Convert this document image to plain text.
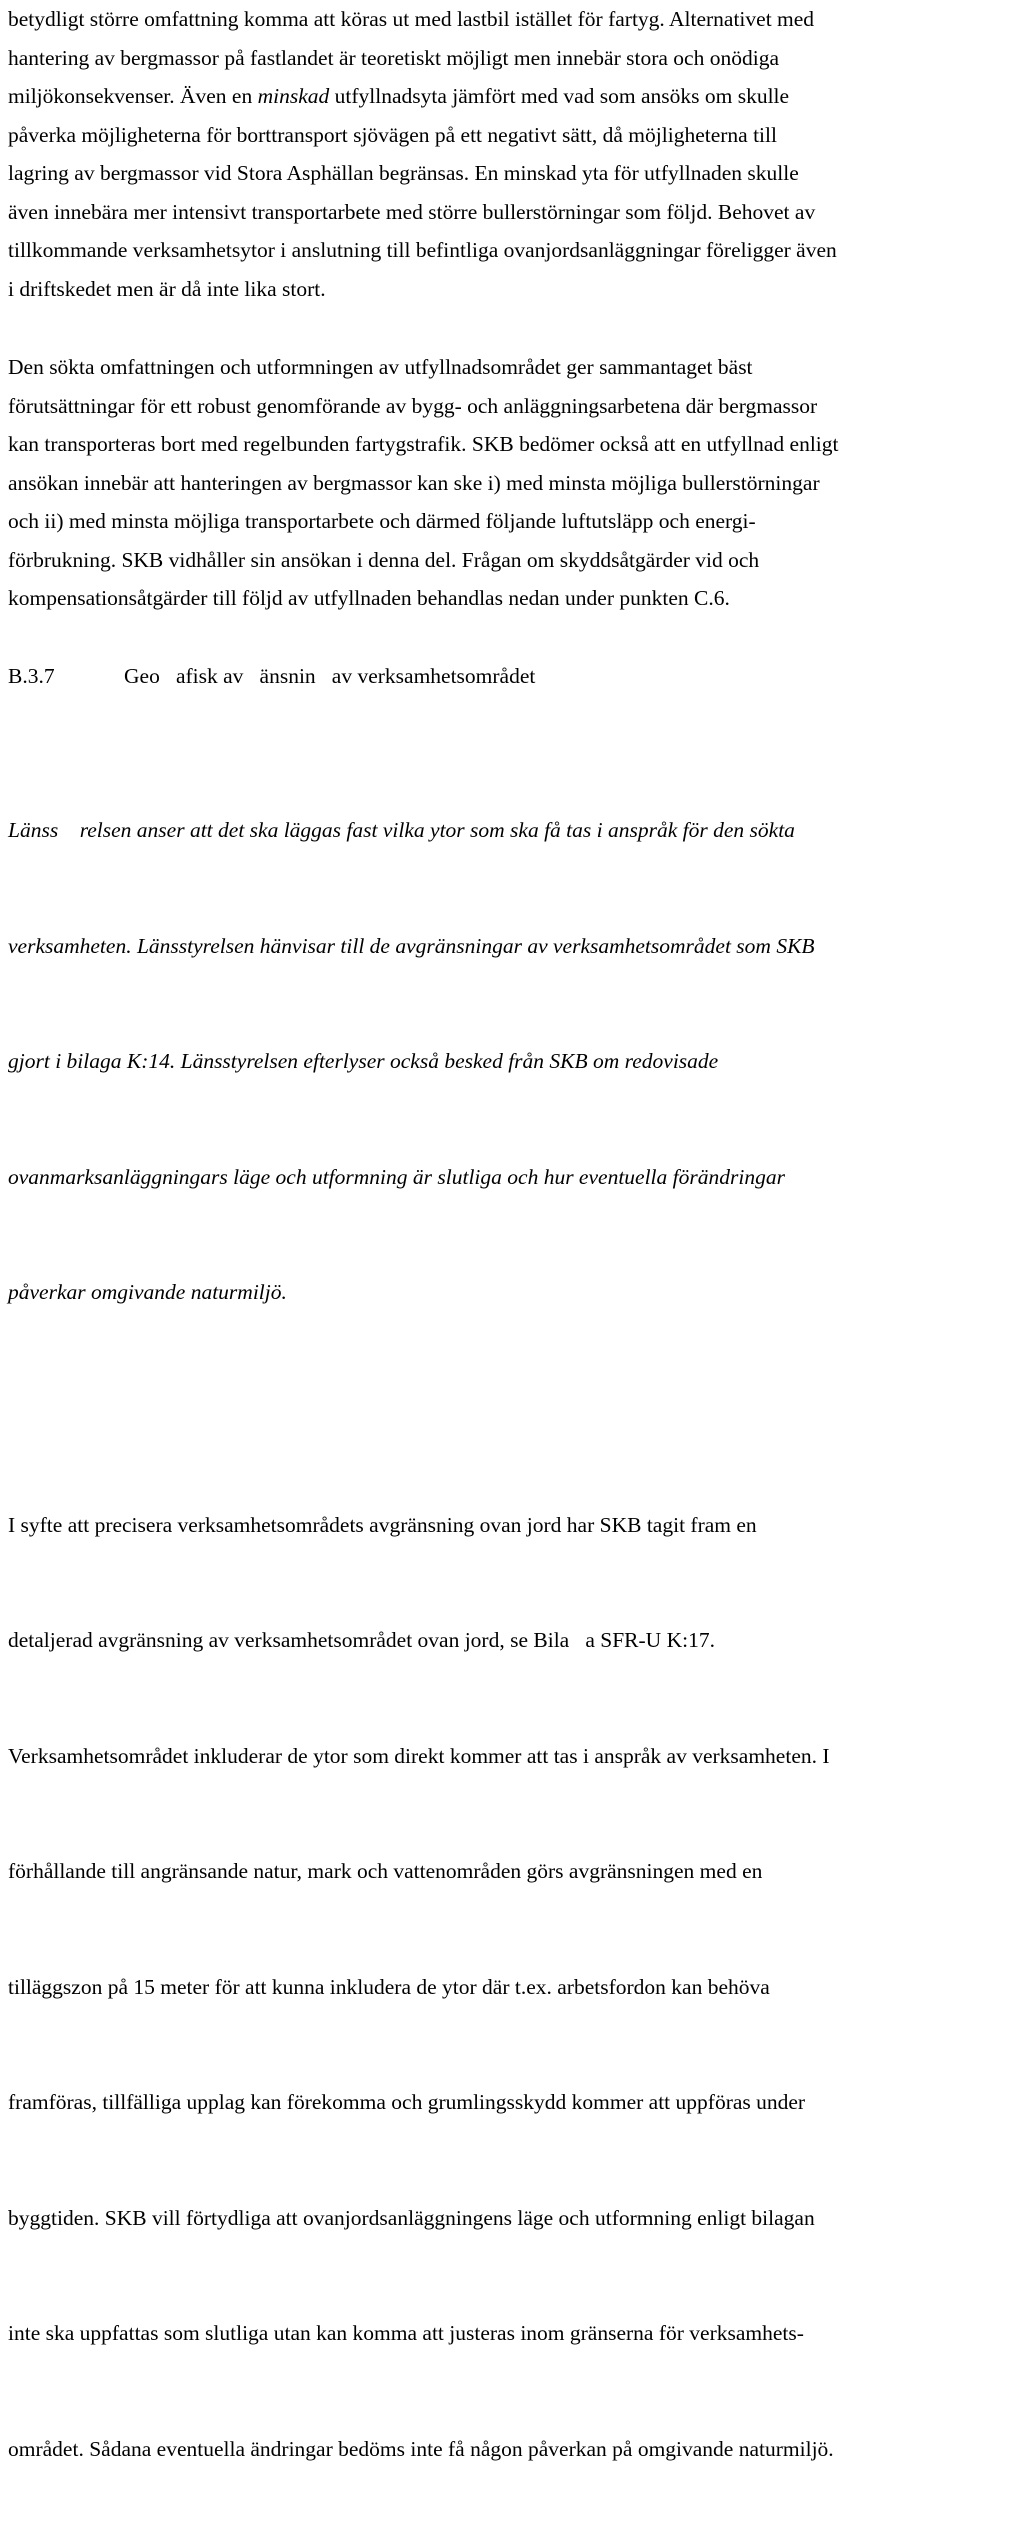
betydligt större omfattning komma att köras ut med lastbil istället för fartyg. Alternativet med
hantering av bergmassor på fastlandet är teoretiskt möjligt men innebär stora och onödiga
miljökonsekvenser. Även en minskad utfyllnadsyta jämfört med vad som ansöks om skulle
påverka möjligheterna för borttransport sjövägen på ett negativt sätt, då möjligheterna till
lagring av bergmassor vid Stora Asphällan begränsas. En minskad yta för utfyllnaden skulle
även innebära mer intensivt transportarbete med större bullerstörningar som följd. Behovet av
tillkommande verksamhetsytor i anslutning till befintliga ovanjordsanläggningar föreligger även
i driftskedet men är då inte lika stort.
Den sökta omfattningen och utformningen av utfyllnadsområdet ger sammantaget bäst
förutsättningar för ett robust genomförande av bygg- och anläggningsarbetena där bergmassor
kan transporteras bort med regelbunden fartygstrafik. SKB bedömer också att en utfyllnad enligt
ansökan innebär att hanteringen av bergmassor kan ske i) med minsta möjliga bullerstörningar
och ii) med minsta möjliga transportarbete och därmed följande luftutsläpp och energi-
förbrukning. SKB vidhåller sin ansökan i denna del. Frågan om skyddsåtgärder vid och
kompensationsåtgärder till följd av utfyllnaden behandlas nedan under punkten C.6.
B.3.7	Geo   afisk av   änsnin   av verksamhetsområdet

Länss    relsen anser att det ska läggas fast vilka ytor som ska få tas i anspråk för den sökta

verksamheten. Länsstyrelsen hänvisar till de avgränsningar av verksamhetsområdet som SKB

gjort i bilaga K:14. Länsstyrelsen efterlyser också besked från SKB om redovisade

ovanmarksanläggningars läge och utformning är slutliga och hur eventuella förändringar

påverkar omgivande naturmiljö.

I syfte att precisera verksamhetsområdets avgränsning ovan jord har SKB tagit fram en

detaljerad avgränsning av verksamhetsområdet ovan jord, se Bila   a SFR-U K:17.

Verksamhetsområdet inkluderar de ytor som direkt kommer att tas i anspråk av verksamheten. I

förhållande till angränsande natur, mark och vattenområden görs avgränsningen med en

tilläggszon på 15 meter för att kunna inkludera de ytor där t.ex. arbetsfordon kan behöva

framföras, tillfälliga upplag kan förekomma och grumlingsskydd kommer att uppföras under

byggtiden. SKB vill förtydliga att ovanjordsanläggningens läge och utformning enligt bilagan

inte ska uppfattas som slutliga utan kan komma att justeras inom gränserna för verksamhets-

området. Sådana eventuella ändringar bedöms inte få någon påverkan på omgivande naturmiljö.
